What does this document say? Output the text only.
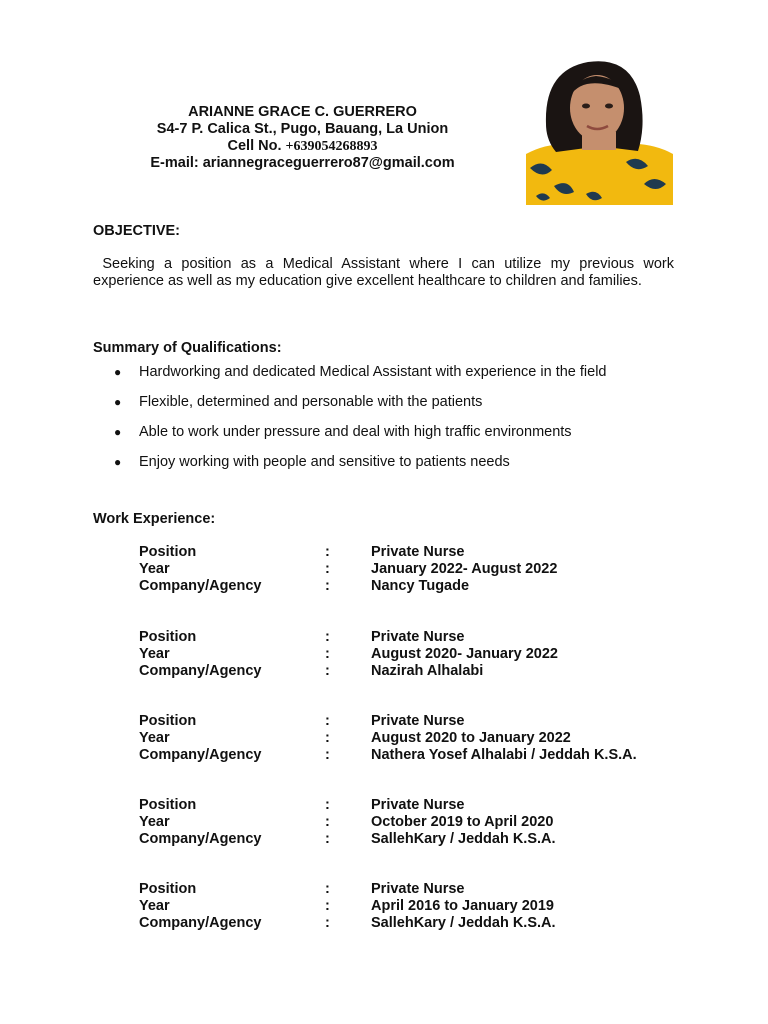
ARIANNE GRACE C. GUERRERO
S4-7 P. Calica St., Pugo, Bauang, La Union
Cell No. +639054268893
E-mail: ariannegraceguerrero87@gmail.com
OBJECTIVE:
Seeking a position as a Medical Assistant where I can utilize my previous work experience as well as my education give excellent healthcare to children and families.
Summary of Qualifications:
● Hardworking and dedicated Medical Assistant with experience in the field
● Flexible, determined and personable with the patients
● Able to work under pressure and deal with high traffic environments
● Enjoy working with people and sensitive to patients needs
Work Experience:
Position	:	Private Nurse
Year	:	January 2022- August 2022
Company/Agency	:	Nancy Tugade
Position	:	Private Nurse
Year	:	August 2020- January 2022
Company/Agency	:	Nazirah Alhalabi
Position	:	Private Nurse
Year	:	August 2020 to January 2022
Company/Agency	:	Nathera Yosef Alhalabi / Jeddah K.S.A.
Position	:	Private Nurse
Year	:	October 2019 to April 2020
Company/Agency	:	SallehKary / Jeddah K.S.A.
Position	:	Private Nurse
Year	:	April 2016 to January 2019
Company/Agency	:	SallehKary / Jeddah K.S.A.
